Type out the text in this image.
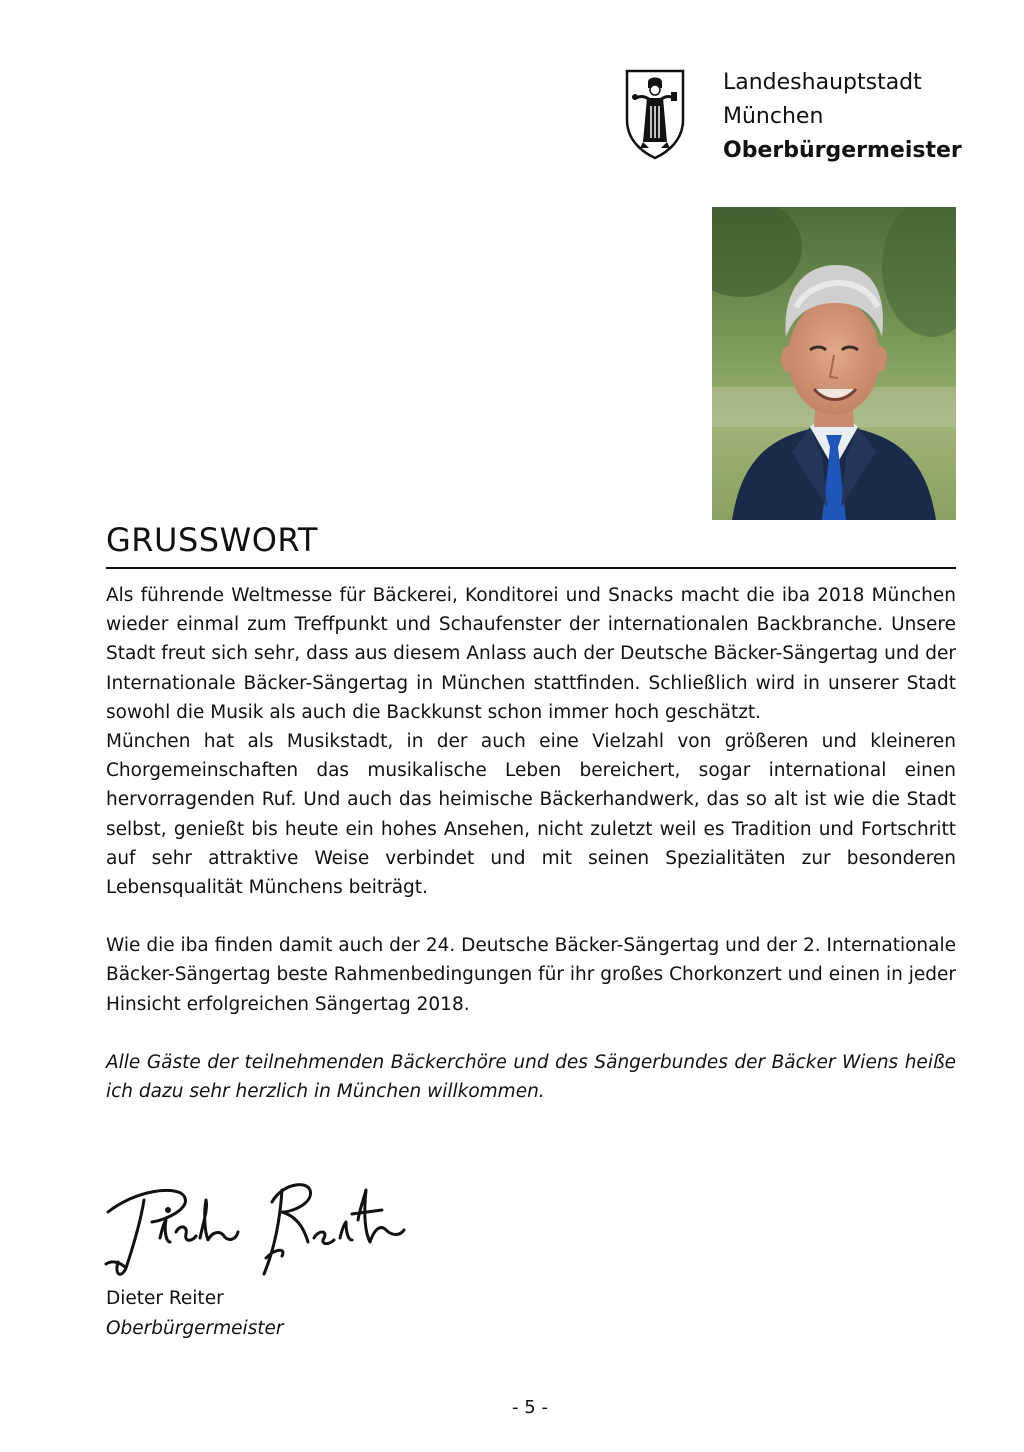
Landeshauptstadt
München
Oberbürgermeister
GRUSSWORT

Als führende Weltmesse für Bäckerei, Konditorei und Snacks macht die iba 2018 München wieder einmal zum Treffpunkt und Schaufenster der internationalen Backbranche. Unsere Stadt freut sich sehr, dass aus diesem Anlass auch der Deutsche Bäcker-Sängertag und der Internationale Bäcker-Sängertag in München stattfinden. Schließlich wird in unserer Stadt sowohl die Musik als auch die Backkunst schon immer hoch geschätzt.

München hat als Musikstadt, in der auch eine Vielzahl von größeren und kleineren Chorgemeinschaften das musikalische Leben bereichert, sogar international einen hervorragenden Ruf. Und auch das heimische Bäckerhandwerk, das so alt ist wie die Stadt selbst, genießt bis heute ein hohes Ansehen, nicht zuletzt weil es Tradition und Fortschritt auf sehr attraktive Weise verbindet und mit seinen Spezialitäten zur besonderen Lebensqualität Münchens beiträgt.

Wie die iba finden damit auch der 24. Deutsche Bäcker-Sängertag und der 2. Internationale Bäcker-Sängertag beste Rahmenbedingungen für ihr großes Chorkonzert und einen in jeder Hinsicht erfolgreichen Sängertag 2018.

Alle Gäste der teilnehmenden Bäckerchöre und des Sängerbundes der Bäcker Wiens heiße ich dazu sehr herzlich in München willkommen.

Dieter Reiter
Oberbürgermeister
- 5 -
